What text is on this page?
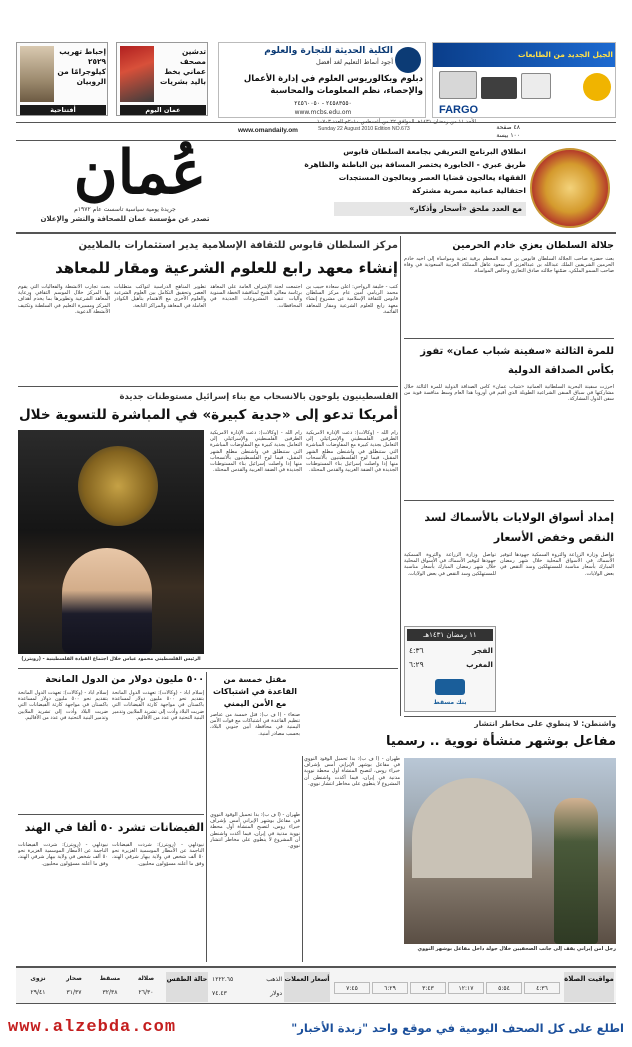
إحباط تهريب ٢٥٢٩ كيلوجرامًا من الروبيان
أفتتاحية
تدشين مصحف عماني بخط باليد بشريات
عمان اليوم
الكلية الحديثة للتجارة والعلوم
أجود أنماط التعليم لغد أفضل
دبلوم وبكالوريوس العلوم في إدارة الأعمال
والإحصاء، نظم المعلومات والمحاسبة
٢٤٥٨٣٥٥٠ - ٢٤٥٦٠٠٥٠
www.mcbs.edu.om
الجيل الجديد من الطابعات
FARGO
Sunday 22 August 2010 Edition NO.673
الأحد ١١ من رمضان ١٤٣١هـ الموافق ٢٢ من أغسطس ٢٠١٠م العدد ١٠٧٠٣
www.omandaily.om	٤٨ صفحة
١٠٠ بيسة
عُمان
جريدة يومية سياسية تأسست عام ١٩٧٢م
تصدر عن مؤسسة عمان للصحافة والنشر والإعلان
انطلاق البرنامج التعريفي بجامعة السلطان قابوس
طريق عبري - الخابورة يختصر المسافة بين الباطنة والظاهرة
الفقهاء يعالجون قضايا العصر ويعالجون المستجدات
احتفالية عمانية مصرية مشتركة
مع العدد ملحق «أسحار وأذكار»
جلالة السلطان يعزي خادم الحرمين
بعث حضرة صاحب الجلالة السلطان قابوس بن سعيد المعظم برقية تعزية ومواساة إلى أخيه خادم الحرمين الشريفين الملك عبدالله بن عبدالعزيز آل سعود عاهل المملكة العربية السعودية في وفاة صاحب السمو الملكي، ضمّنها جلالته صادق التعازي وخالص المواساة.
للمرة الثالثة «سفينة شباب عمان» تفوز بكأس الصداقة الدولية
أحرزت سفينة البحرية السلطانية العمانية «شباب عمان» كأس الصداقة الدولية للمرة الثالثة خلال مشاركتها في سباق السفن الشراعية الطويلة الذي أقيم في أوروبا هذا العام وسط منافسة قوية من سفن الدول المشاركة.
إمداد أسواق الولايات بالأسماك لسد النقص وخفض الأسعار
تواصل وزارة الزراعة والثروة السمكية جهودها لتوفير الأسماك في الأسواق المحلية خلال شهر رمضان المبارك بأسعار مناسبة للمستهلكين وسد النقص في بعض الولايات.
تواصل وزارة الزراعة والثروة السمكية جهودها لتوفير الأسماك في الأسواق المحلية خلال شهر رمضان المبارك بأسعار مناسبة للمستهلكين وسد النقص في بعض الولايات.
١١ رمضان ١٤٣١هـ
الفجر
٤:٣٦
المغرب
٦:٢٩
بنك مسقط
مركز السلطان قابوس للثقافة الإسلامية يدير استثمارات بالملايين
إنشاء معهد رابع للعلوم الشرعية ومقار للمعاهد
كتب - خليفة الرواحي: أعلن سعادة حبيب بن محمد الريامي أمين عام مركز السلطان قابوس للثقافة الإسلامية عن مشروع إنشاء معهد رابع للعلوم الشرعية ومقار للمعاهد القائمة.
اجتمعت لجنة الإشراف العامة على المعاهد برئاسة معالي الشيخ لمناقشة الخطة السنوية وآليات تنفيذ المشروعات الجديدة في المحافظات.
تطوير المناهج الدراسية لتواكب متطلبات العصر وتحقيق التكامل بين العلوم الشرعية والعلوم الأخرى مع الاهتمام بتأهيل الكوادر العاملة في المعاهد والمراكز التابعة.
بحث تجارب الأنشطة والفعاليات التي يقوم بها المركز خلال الموسم الثقافي ورعاية المعاهد الشرعية وتطويرها بما يخدم أهداف المركز ومسيرة التعليم في السلطنة وتكثيف الأنشطة الدعوية.
الفلسطينيون يلوحون بالانسحاب مع بناء إسرائيل مستوطنات جديدة
أمريكا تدعو إلى «جدية كبيرة» في المباشرة للتسوية خلال
الرئيس الفلسطيني محمود عباس خلال اجتماع القيادة الفلسطينية - (رويترز)
رام الله - (وكالات): دعت الإدارة الأمريكية الطرفين الفلسطيني والإسرائيلي إلى التعامل بجدية كبيرة مع المفاوضات المباشرة التي ستنطلق في واشنطن مطلع الشهر المقبل، فيما لوح الفلسطينيون بالانسحاب منها إذا واصلت إسرائيل بناء المستوطنات الجديدة في الضفة الغربية والقدس المحتلة.
رام الله - (وكالات): دعت الإدارة الأمريكية الطرفين الفلسطيني والإسرائيلي إلى التعامل بجدية كبيرة مع المفاوضات المباشرة التي ستنطلق في واشنطن مطلع الشهر المقبل، فيما لوح الفلسطينيون بالانسحاب منها إذا واصلت إسرائيل بناء المستوطنات الجديدة في الضفة الغربية والقدس المحتلة.
واشنطن: لا ينطوي على مخاطر انتشار
مفاعل بوشهر منشأة نووية .. رسميا
رجل أمن إيراني يقف إلى جانب الصحفيين خلال جولة داخل مفاعل بوشهر النووي
طهران - (أ ف ب): بدأ تحميل الوقود النووي في مفاعل بوشهر الإيراني أمس بإشراف خبراء روس، لتصبح المنشأة أول محطة نووية مدنية في إيران، فيما أكدت واشنطن أن المشروع لا ينطوي على مخاطر انتشار نووي.
طهران - (أ ف ب): بدأ تحميل الوقود النووي في مفاعل بوشهر الإيراني أمس بإشراف خبراء روس، لتصبح المنشأة أول محطة نووية مدنية في إيران، فيما أكدت واشنطن أن المشروع لا ينطوي على مخاطر انتشار نووي.
مقتل خمسة من القاعدة في اشتباكات مع الأمن اليمني
صنعاء - (أ ف ب): قتل خمسة من عناصر تنظيم القاعدة في اشتباكات مع قوات الأمن اليمنية في محافظة أبين جنوبي البلاد، بحسب مصادر أمنية.
٥٠٠ مليون دولار من الدول المانحة
إسلام آباد - (وكالات): تعهدت الدول المانحة بتقديم نحو ٥٠٠ مليون دولار لمساعدة باكستان في مواجهة كارثة الفيضانات التي ضربت البلاد وأدت إلى تشريد الملايين وتدمير البنية التحتية في عدد من الأقاليم.
إسلام آباد - (وكالات): تعهدت الدول المانحة بتقديم نحو ٥٠٠ مليون دولار لمساعدة باكستان في مواجهة كارثة الفيضانات التي ضربت البلاد وأدت إلى تشريد الملايين وتدمير البنية التحتية في عدد من الأقاليم.
الفيضانات تشرد ٥٠ ألفا في الهند
نيودلهي - (رويترز): شردت الفيضانات الناجمة عن الأمطار الموسمية الغزيرة نحو ٥٠ ألف شخص في ولاية بيهار شرقي الهند، وفق ما أعلنه مسؤولون محليون.
نيودلهي - (رويترز): شردت الفيضانات الناجمة عن الأمطار الموسمية الغزيرة نحو ٥٠ ألف شخص في ولاية بيهار شرقي الهند، وفق ما أعلنه مسؤولون محليون.
مواقيت الصلاة
٤:٣٦
٥:٥٤
١٢:١٧
٣:٤٣
٦:٢٩
٧:٤٥
أسعار العملات
الذهب
١٢٢٢.٦٥
دولار
٧٤.٤٣
حالة الطقس
صلالة
٢٦/٣٠
مسقط
٣٢/٣٨
صحار
٣١/٣٧
نزوى
٢٩/٤١
www.alzebda.com	اطلع على كل الصحف اليومية في موقع واحد "زبدة الأخبار"
